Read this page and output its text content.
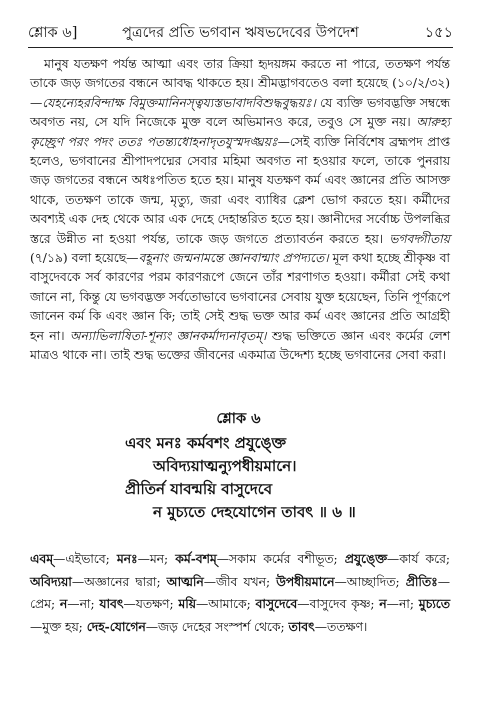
শ্লোক ৬]	পুত্রদের প্রতি ভগবান ঋষভদেবের উপদেশ	১৫১

মানুষ যতক্ষণ পর্যন্ত আত্মা এবং তার ক্রিয়া হৃদয়ঙ্গম করতে না পারে, ততক্ষণ পর্যন্ত তাকে জড় জগতের বন্ধনে আবদ্ধ থাকতে হয়। শ্রীমদ্ভাগবতেও বলা হয়েছে (১০/২/৩২)—যেহন্যেহরবিন্দাক্ষ বিমুক্তমানিনস্ত্বয্যস্তভাবাদবিশুদ্ধবুদ্ধয়ঃ। যে ব্যক্তি ভগবদ্ভক্তি সম্বন্ধে অবগত নয়, সে যদি নিজেকে মুক্ত বলে অভিমানও করে, তবুও সে মুক্ত নয়। আরুহ্য কৃচ্ছ্রেণ পরং পদং ততঃ পতন্ত্যধোহনাদৃতযুস্মদঙ্ঘ্রয়ঃ—সেই ব্যক্তি নির্বিশেষ ব্রহ্মপদ প্রাপ্ত হলেও, ভগবানের শ্রীপাদপদ্মের সেবার মহিমা অবগত না হওয়ার ফলে, তাকে পুনরায় জড় জগতের বন্ধনে অধঃপতিত হতে হয়। মানুষ যতক্ষণ কর্ম এবং জ্ঞানের প্রতি আসক্ত থাকে, ততক্ষণ তাকে জন্ম, মৃত্যু, জরা এবং ব্যাধির ক্লেশ ভোগ করতে হয়। কর্মীদের অবশ্যই এক দেহ থেকে আর এক দেহে দেহান্তরিত হতে হয়। জ্ঞানীদের সর্বোচ্চ উপলব্ধির স্তরে উন্নীত না হওয়া পর্যন্ত, তাকে জড় জগতে প্রত্যাবর্তন করতে হয়। ভগবদ্গীতায় (৭/১৯) বলা হয়েছে—বহূনাং জন্মনামন্তে জ্ঞানবান্মাং প্রপদ্যতে। মূল কথা হচ্ছে শ্রীকৃষ্ণ বা বাসুদেবকে সর্ব কারণের পরম কারণরূপে জেনে তাঁর শরণাগত হওয়া। কর্মীরা সেই কথা জানে না, কিন্তু যে ভগবদ্ভক্ত সর্বতোভাবে ভগবানের সেবায় যুক্ত হয়েছেন, তিনি পূর্ণরূপে জানেন কর্ম কি এবং জ্ঞান কি; তাই সেই শুদ্ধ ভক্ত আর কর্ম এবং জ্ঞানের প্রতি আগ্রহী হন না। অন্যাভিলাষিতা-শূন্যং জ্ঞানকর্মাদ্যনাবৃতম্। শুদ্ধ ভক্তিতে জ্ঞান এবং কর্মের লেশ মাত্রও থাকে না। তাই শুদ্ধ ভক্তের জীবনের একমাত্র উদ্দেশ্য হচ্ছে ভগবানের সেবা করা।

শ্লোক ৬
এবং মনঃ কর্মবশং প্রযুঙ্ক্তে
অবিদ্যয়াত্মন্যুপধীয়মানে।
প্রীতির্ন যাবন্ময়ি বাসুদেবে
ন মুচ্যতে দেহযোগেন তাবৎ ॥ ৬ ॥
এবম্—এইভাবে; মনঃ—মন; কর্ম-বশম্—সকাম কর্মের বশীভূত; প্রযুঙ্ক্তে—কার্য করে; অবিদ্যয়া—অজ্ঞানের দ্বারা; আত্মনি—জীব যখন; উপধীয়মানে—আচ্ছাদিত; প্রীতিঃ—প্রেম; ন—না; যাবৎ—যতক্ষণ; ময়ি—আমাকে; বাসুদেবে—বাসুদেব কৃষ্ণ; ন—না; মুচ্যতে—মুক্ত হয়; দেহ-যোগেন—জড় দেহের সংস্পর্শ থেকে; তাবৎ—ততক্ষণ।
